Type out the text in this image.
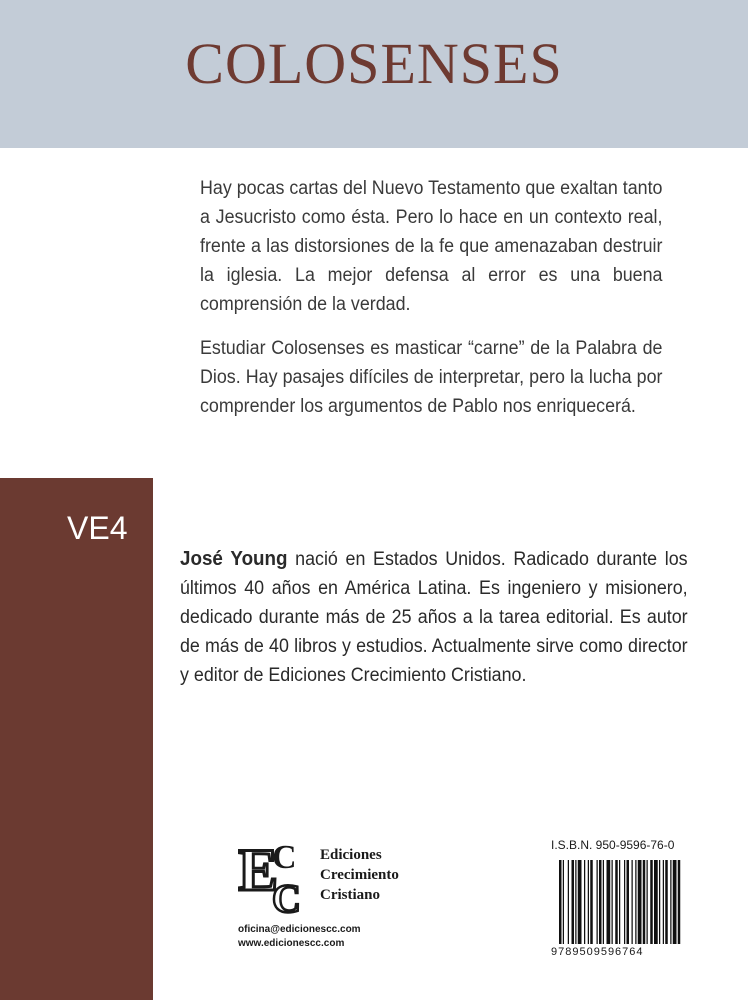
COLOSENSES
Hay pocas cartas del Nuevo Testamento que exaltan tanto a Jesucristo como ésta. Pero lo hace en un contexto real, frente a las distorsiones de la fe que amenazaban destruir la iglesia. La mejor defensa al error es una buena comprensión de la verdad.
Estudiar Colosenses es masticar “carne” de la Palabra de Dios. Hay pasajes difíciles de interpretar, pero la lucha por comprender los argumentos de Pablo nos enriquecerá.
VE4
José Young nació en Estados Unidos. Radicado durante los últimos 40 años en América Latina. Es ingeniero y misionero, dedicado durante más de 25 años a la tarea editorial. Es autor de más de 40 libros y estudios. Actualmente sirve como director y editor de Ediciones Crecimiento Cristiano.
E
C
C
Ediciones
Crecimiento
Cristiano
oficina@edicionescc.com
www.edicionescc.com
I.S.B.N. 950-9596-76-0
9789509596764
